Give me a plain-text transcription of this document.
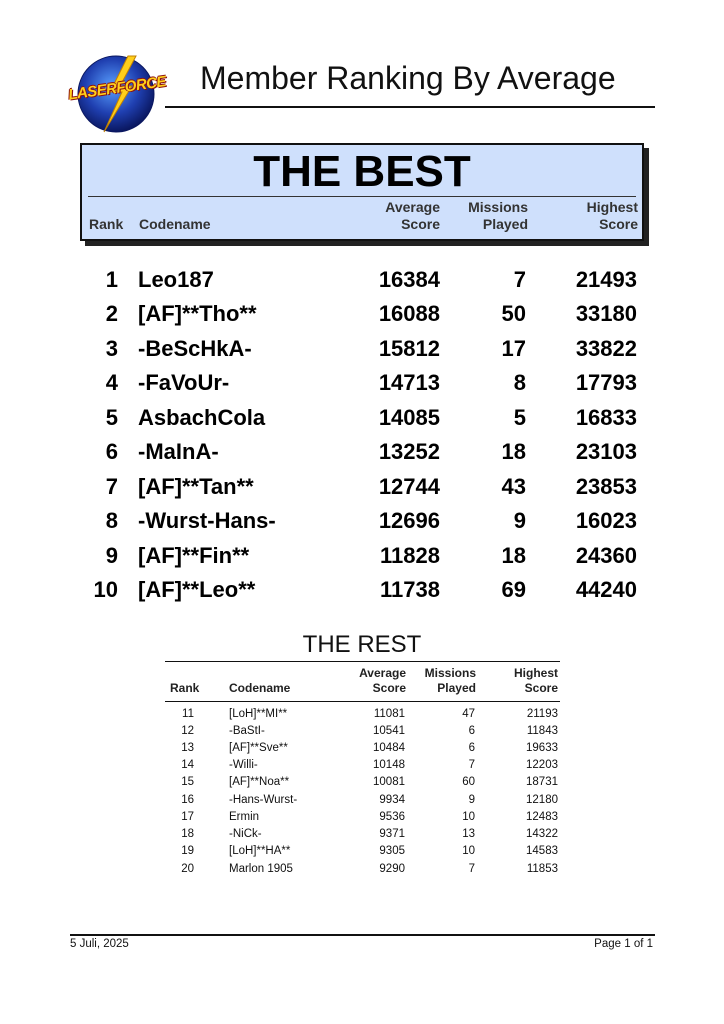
LASERFORCE Member Ranking By Average
THE BEST
Rank Codename
Average
Score
Missions
Played
Highest
Score
1 Leo187	16384	7	21493
2 [AF]**Tho**	16088	50	33180
3 -BeScHkA-	15812	17	33822
4 -FaVoUr-	14713	8	17793
5 AsbachCola	14085	5	16833
6 -MaInA-	13252	18	23103
7 [AF]**Tan**	12744	43	23853
8 -Wurst-Hans-	12696	9	16023
9 [AF]**Fin**	11828	18	24360
10 [AF]**Leo**	11738	69	44240
THE REST
Rank Codename
Average
Score
Missions
Played
Highest
Score
11	[LoH]**MI**	11081	47	21193
12	-BaStI-	10541	6	11843
13	[AF]**Sve**	10484	6	19633
14	-Willi-	10148	7	12203
15	[AF]**Noa**	10081	60	18731
16	-Hans-Wurst-	9934	9	12180
17	Ermin	9536	10	12483
18	-NiCk-	9371	13	14322
19	[LoH]**HA**	9305	10	14583
20	Marlon 1905	9290	7	11853
5 Juli, 2025	Page 1 of 1
